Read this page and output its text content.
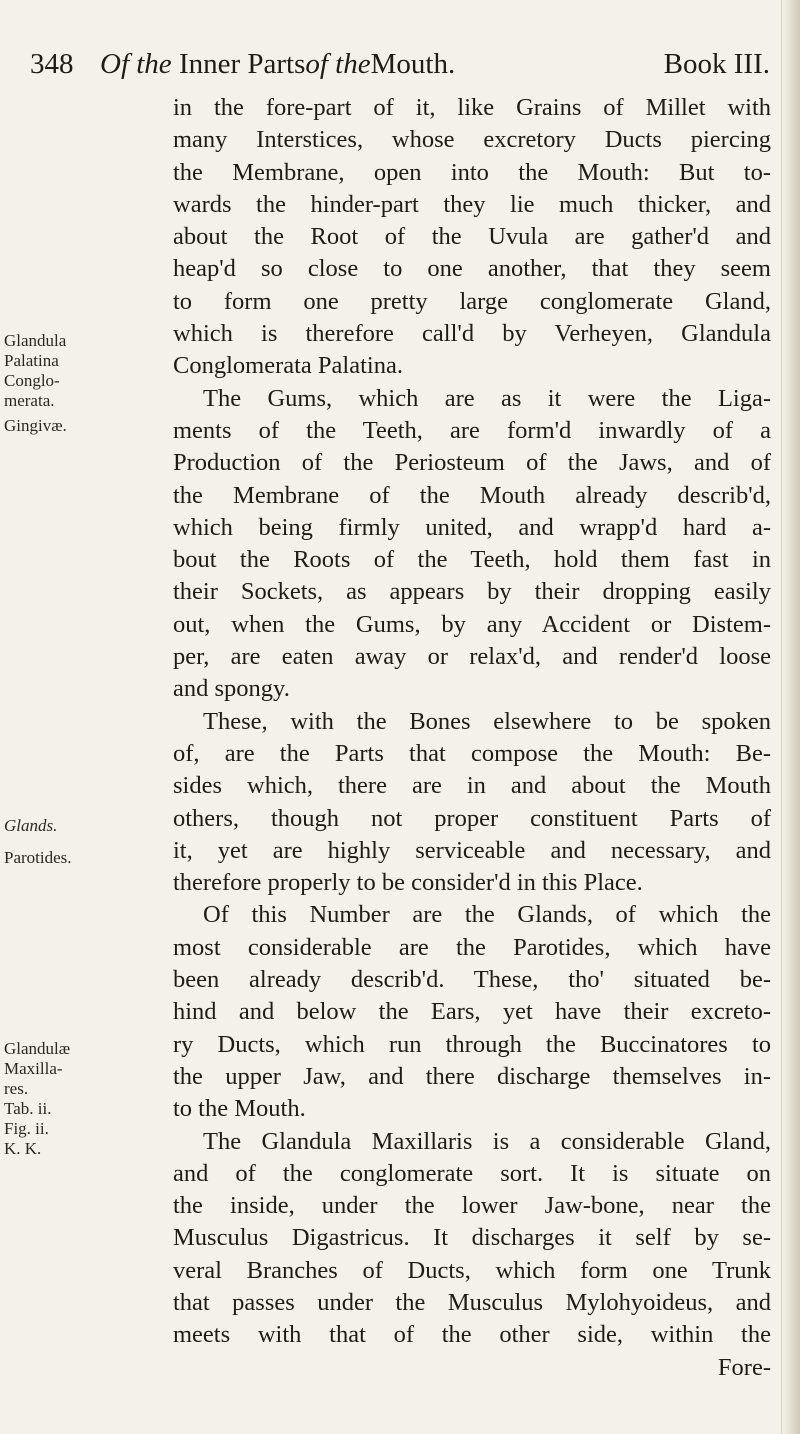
348 Of the Inner Partsof theMouth.	Book III.
in the fore-part of it, like Grains of Millet with
many Interstices, whose excretory Ducts piercing
the Membrane, open into the Mouth: But to-
wards the hinder-part they lie much thicker, and
about the Root of the Uvula are gather'd and
heap'd so close to one another, that they seem
to form one pretty large conglomerate Gland,
which is therefore call'd by Verheyen, Glandula
Conglomerata Palatina.
The Gums, which are as it were the Liga-
ments of the Teeth, are form'd inwardly of a
Production of the Periosteum of the Jaws, and of
the Membrane of the Mouth already describ'd,
which being firmly united, and wrapp'd hard a-
bout the Roots of the Teeth, hold them fast in
their Sockets, as appears by their dropping easily
out, when the Gums, by any Accident or Distem-
per, are eaten away or relax'd, and render'd loose
and spongy.
These, with the Bones elsewhere to be spoken
of, are the Parts that compose the Mouth: Be-
sides which, there are in and about the Mouth
others, though not proper constituent Parts of
it, yet are highly serviceable and necessary, and
therefore properly to be consider'd in this Place.
Of this Number are the Glands, of which the
most considerable are the Parotides, which have
been already describ'd. These, tho' situated be-
hind and below the Ears, yet have their excreto-
ry Ducts, which run through the Buccinatores to
the upper Jaw, and there discharge themselves in-
to the Mouth.
The Glandula Maxillaris is a considerable Gland,
and of the conglomerate sort. It is situate on
the inside, under the lower Jaw-bone, near the
Musculus Digastricus. It discharges it self by se-
veral Branches of Ducts, which form one Trunk
that passes under the Musculus Mylohyoideus, and
meets with that of the other side, within the
Fore-
Glandula
Palatina
Conglo-
merata.
Gingivæ.
Glands.
Parotides.
Glandulæ
Maxilla-
res.
Tab. ii.
Fig. ii.
K. K.
